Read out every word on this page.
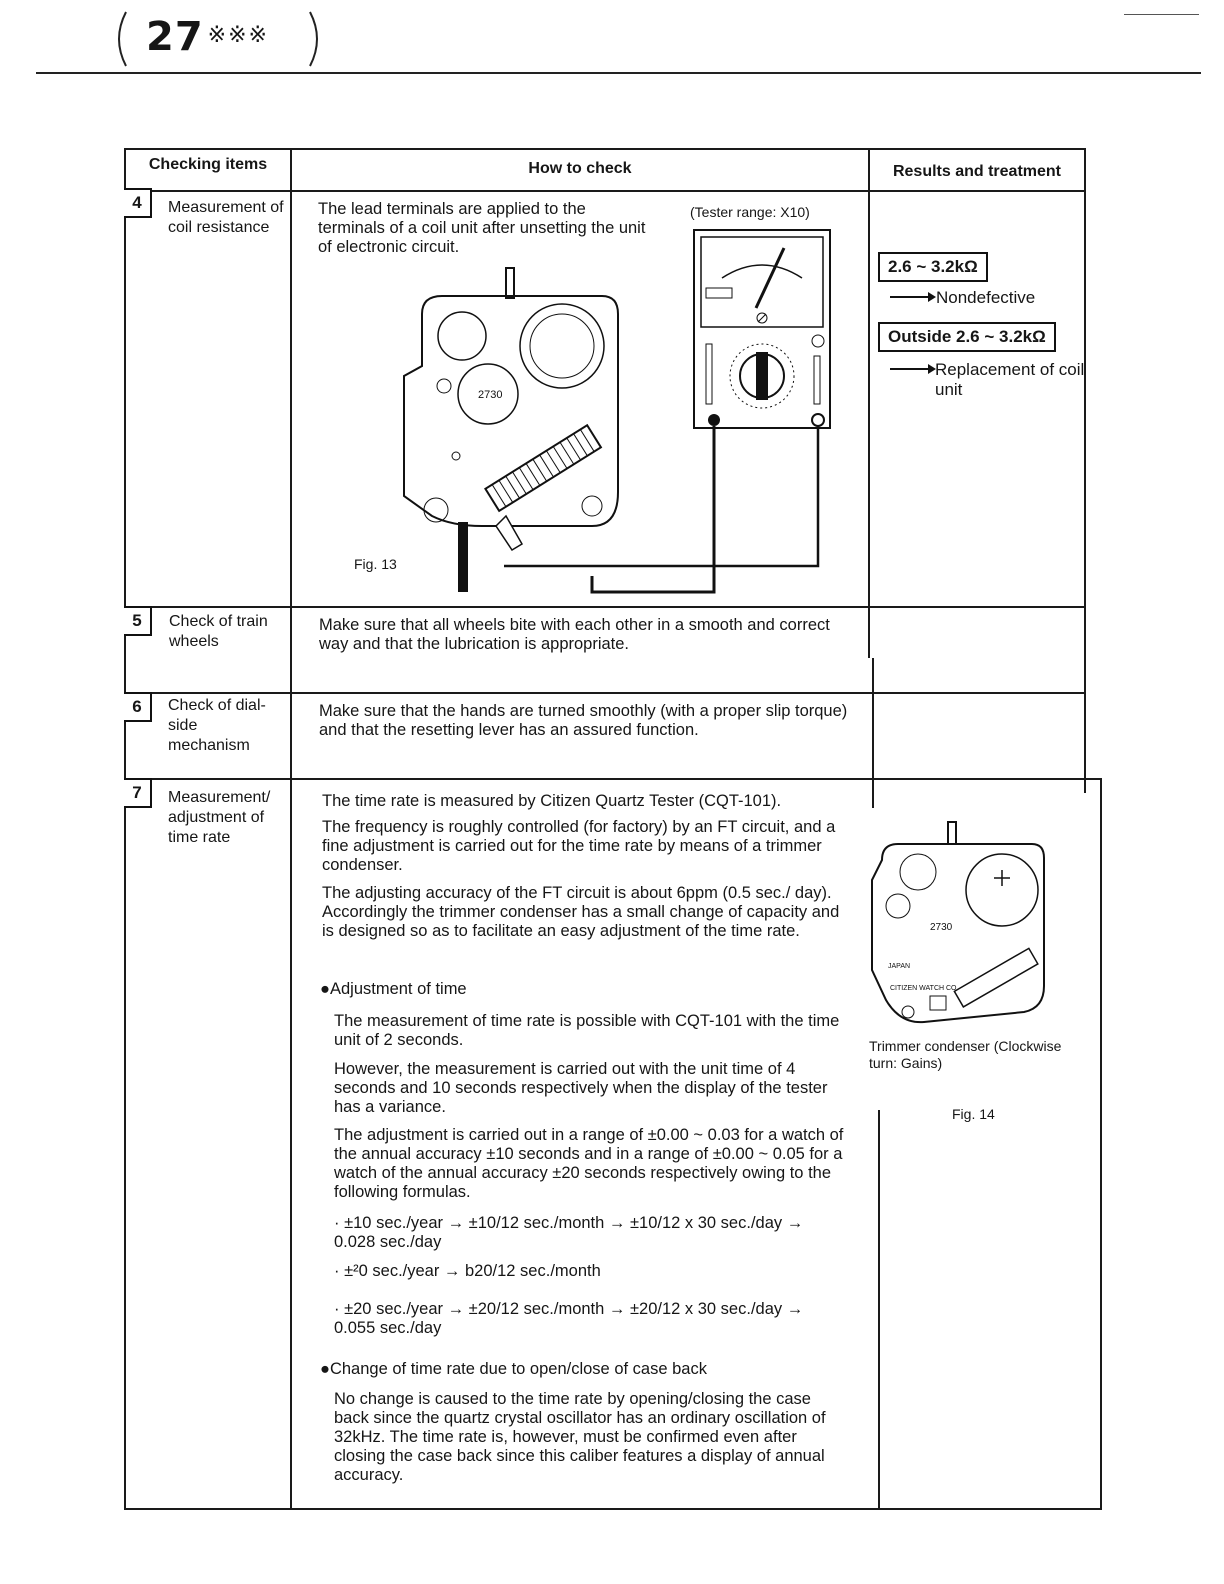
27 ※※※
Checking items	How to check	Results and treatment
4	Measurement of coil resistance
The lead terminals are applied to the terminals of a coil unit after unsetting the unit of electronic circuit.
(Tester range: X10)
2730
Fig. 13
2.6 ~ 3.2kΩ
Nondefective
Outside 2.6 ~ 3.2kΩ
Replacement of coil unit
5	Check of train wheels
Make sure that all wheels bite with each other in a smooth and correct way and that the lubrication is appropriate.
6	Check of dial-side mechanism
Make sure that the hands are turned smoothly (with a proper slip torque) and that the resetting lever has an assured function.
7	Measurement/ adjustment of time rate
The time rate is measured by Citizen Quartz Tester (CQT-101).
The frequency is roughly controlled (for factory) by an FT circuit, and a fine adjustment is carried out for the time rate by means of a trimmer condenser.
The adjusting accuracy of the FT circuit is about 6ppm (0.5 sec./ day). Accordingly the trimmer condenser has a small change of capacity and is designed so as to facilitate an easy adjustment of the time rate.
●Adjustment of time
The measurement of time rate is possible with CQT-101 with the time unit of 2 seconds.
However, the measurement is carried out with the unit time of 4 seconds and 10 seconds respectively when the display of the tester has a variance.
The adjustment is carried out in a range of ±0.00 ~ 0.03 for a watch of the annual accuracy ±10 seconds and in a range of ±0.00 ~ 0.05 for a watch of the annual accuracy ±20 seconds respectively owing to the following formulas.
· ±10 sec./year → ±10/12 sec./month → ±10/12 x 30 sec./day → 0.028 sec./day
· ±²0 sec./year → b20/12 sec./month
· ±20 sec./year → ±20/12 sec./month → ±20/12 x 30 sec./day → 0.055 sec./day
●Change of time rate due to open/close of case back
No change is caused to the time rate by opening/closing the case back since the quartz crystal oscillator has an ordinary oscillation of 32kHz. The time rate is, however, must be confirmed even after closing the case back since this caliber features a display of annual accuracy.
2730
JAPAN
CITIZEN WATCH CO.
Trimmer condenser (Clockwise turn: Gains)
Fig. 14
